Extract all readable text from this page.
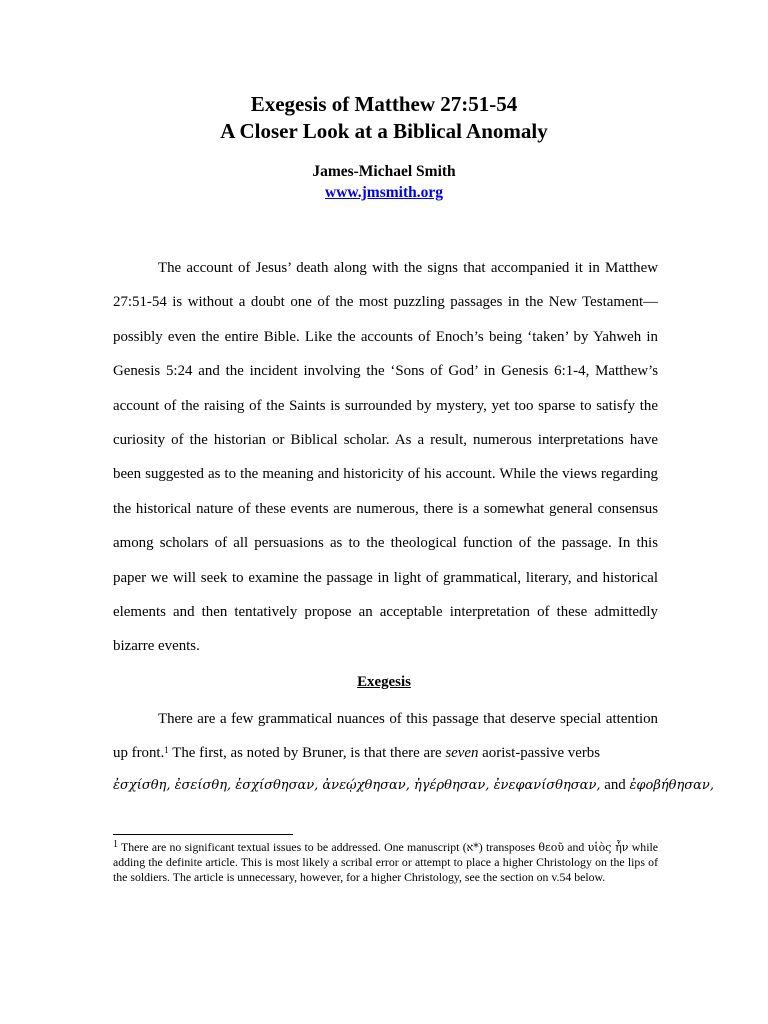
Exegesis of Matthew 27:51-54
A Closer Look at a Biblical Anomaly
James-Michael Smith
www.jmsmith.org

The account of Jesus’ death along with the signs that accompanied it in Matthew 27:51-54 is without a doubt one of the most puzzling passages in the New Testament—possibly even the entire Bible. Like the accounts of Enoch’s being ‘taken’ by Yahweh in Genesis 5:24 and the incident involving the ‘Sons of God’ in Genesis 6:1-4, Matthew’s account of the raising of the Saints is surrounded by mystery, yet too sparse to satisfy the curiosity of the historian or Biblical scholar. As a result, numerous interpretations have been suggested as to the meaning and historicity of his account. While the views regarding the historical nature of these events are numerous, there is a somewhat general consensus among scholars of all persuasions as to the theological function of the passage. In this paper we will seek to examine the passage in light of grammatical, literary, and historical elements and then tentatively propose an acceptable interpretation of these admittedly bizarre events.

Exegesis

There are a few grammatical nuances of this passage that deserve special attention up front.$^1$ The first, as noted by Bruner, is that there are seven aorist-passive verbs

ἐσχίσθη, ἐσείσθη, ἐσχίσθησαν, ἀνεῴχθησαν, ἠγέρθησαν, ἐνεφανίσθησαν, and ἐφοβήθησαν,

$^1$ There are no significant textual issues to be addressed. One manuscript (א*) transposes θεοῦ and υἱὸς ἦν while adding the definite article. This is most likely a scribal error or attempt to place a higher Christology on the lips of the soldiers. The article is unnecessary, however, for a higher Christology, see the section on v.54 below.
